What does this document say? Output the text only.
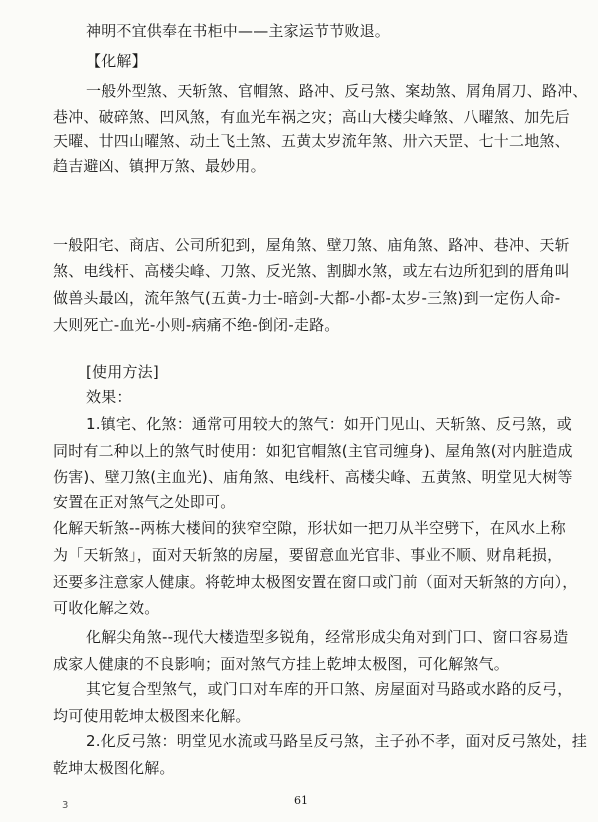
神明不宜供奉在书柜中——主家运节节败退。
【化解】
一般外型煞、天斩煞、官帽煞、路冲、反弓煞、案劫煞、屑角屑刀、路冲、
巷冲、破碎煞、凹风煞，有血光车祸之灾；高山大楼尖峰煞、八曜煞、加先后
天曜、廿四山曜煞、动土飞土煞、五黄太岁流年煞、卅六天罡、七十二地煞、
趋吉避凶、镇押万煞、最妙用。
一般阳宅、商店、公司所犯到，屋角煞、壁刀煞、庙角煞、路冲、巷冲、天斩
煞、电线杆、高楼尖峰、刀煞、反光煞、割脚水煞，或左右边所犯到的厝角叫
做兽头最凶，流年煞气(五黄-力士-暗剑-大都-小都-太岁-三煞)到一定伤人命-
大则死亡-血光-小则-病痛不绝-倒闭-走路。
[使用方法]
效果：
1.镇宅、化煞：通常可用较大的煞气：如开门见山、天斩煞、反弓煞，或
同时有二种以上的煞气时使用：如犯官帽煞(主官司缠身)、屋角煞(对内脏造成
伤害)、壁刀煞(主血光)、庙角煞、电线杆、高楼尖峰、五黄煞、明堂见大树等
安置在正对煞气之处即可。
化解天斩煞--两栋大楼间的狭窄空隙，形状如一把刀从半空劈下，在风水上称
为「天斩煞」，面对天斩煞的房屋，要留意血光官非、事业不顺、财帛耗损，
还要多注意家人健康。将乾坤太极图安置在窗口或门前（面对天斩煞的方向），
可收化解之效。
化解尖角煞--现代大楼造型多锐角，经常形成尖角对到门口、窗口容易造
成家人健康的不良影响；面对煞气方挂上乾坤太极图，可化解煞气。
其它复合型煞气，或门口对车库的开口煞、房屋面对马路或水路的反弓，
均可使用乾坤太极图来化解。
2.化反弓煞：明堂见水流或马路呈反弓煞，主子孙不孝，面对反弓煞处，挂
乾坤太极图化解。
61
3
